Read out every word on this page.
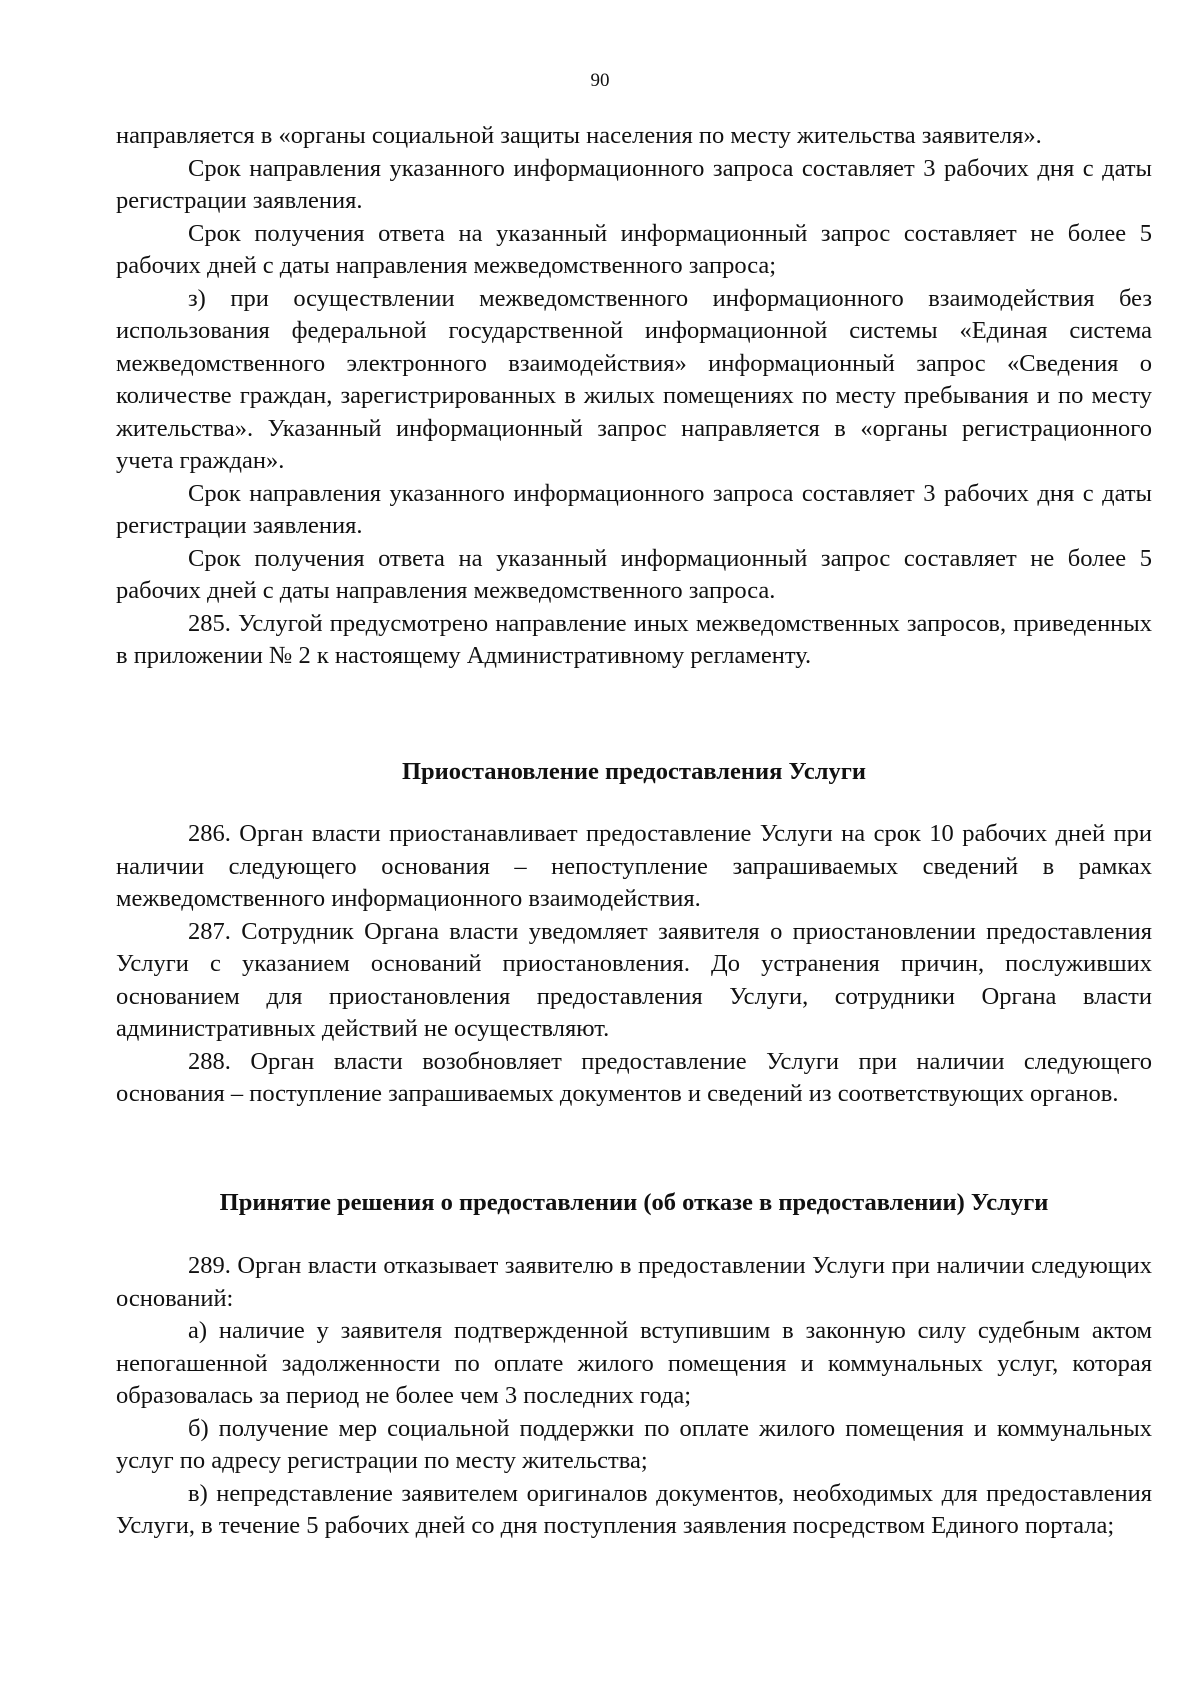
90

направляется в «органы социальной защиты населения по месту жительства заявителя».

Срок направления указанного информационного запроса составляет 3 рабочих дня с даты регистрации заявления.

Срок получения ответа на указанный информационный запрос составляет не более 5 рабочих дней с даты направления межведомственного запроса;

з) при осуществлении межведомственного информационного взаимодействия без использования федеральной государственной информационной системы «Единая система межведомственного электронного взаимодействия» информационный запрос «Сведения о количестве граждан, зарегистрированных в жилых помещениях по месту пребывания и по месту жительства». Указанный информационный запрос направляется в «органы регистрационного учета граждан».

Срок направления указанного информационного запроса составляет 3 рабочих дня с даты регистрации заявления.

Срок получения ответа на указанный информационный запрос составляет не более 5 рабочих дней с даты направления межведомственного запроса.

285. Услугой предусмотрено направление иных межведомственных запросов, приведенных в приложении № 2 к настоящему Административному регламенту.

Приостановление предоставления Услуги

286. Орган власти приостанавливает предоставление Услуги на срок 10 рабочих дней при наличии следующего основания – непоступление запрашиваемых сведений в рамках межведомственного информационного взаимодействия.

287. Сотрудник Органа власти уведомляет заявителя о приостановлении предоставления Услуги с указанием оснований приостановления. До устранения причин, послуживших основанием для приостановления предоставления Услуги, сотрудники Органа власти административных действий не осуществляют.

288. Орган власти возобновляет предоставление Услуги при наличии следующего основания – поступление запрашиваемых документов и сведений из соответствующих органов.

Принятие решения о предоставлении (об отказе в предоставлении) Услуги

289. Орган власти отказывает заявителю в предоставлении Услуги при наличии следующих оснований:

а) наличие у заявителя подтвержденной вступившим в законную силу судебным актом непогашенной задолженности по оплате жилого помещения и коммунальных услуг, которая образовалась за период не более чем 3 последних года;

б) получение мер социальной поддержки по оплате жилого помещения и коммунальных услуг по адресу регистрации по месту жительства;

в) непредставление заявителем оригиналов документов, необходимых для предоставления Услуги, в течение 5 рабочих дней со дня поступления заявления посредством Единого портала;
